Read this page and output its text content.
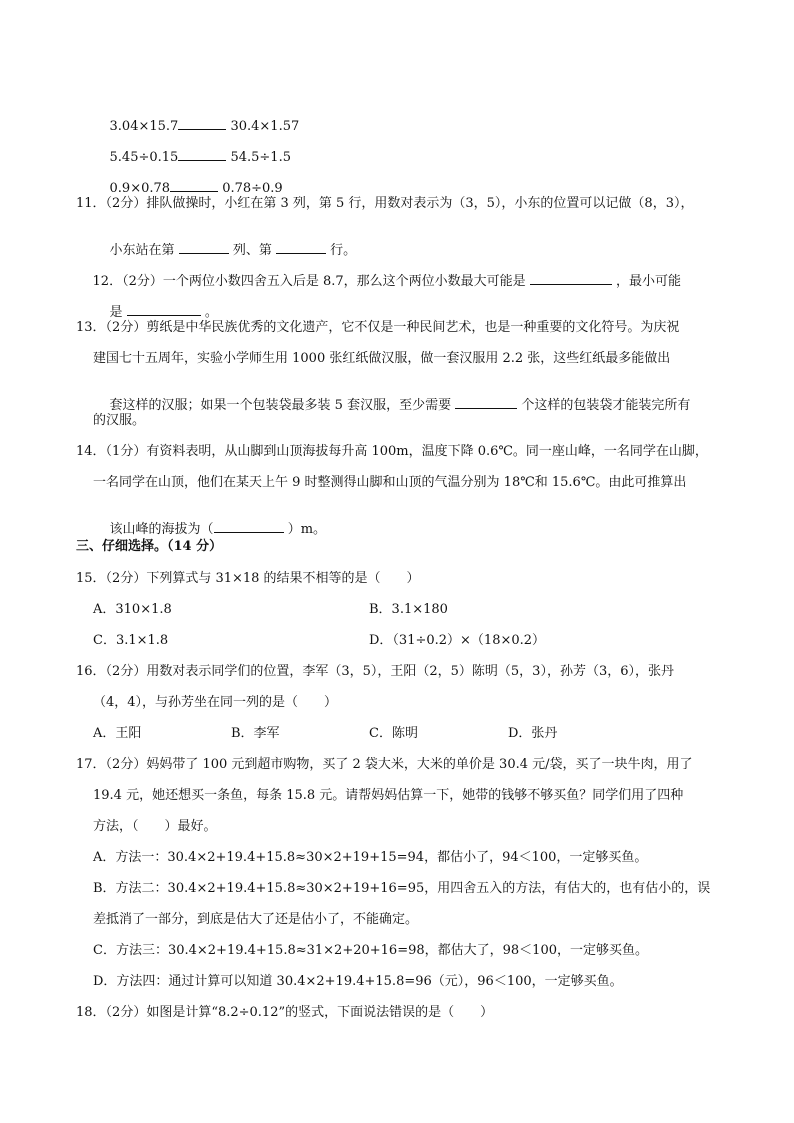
3.04×15.7	30.4×1.57

5.45÷0.15	54.5÷1.5

0.9×0.78	0.78÷0.9

11．（2分）排队做操时，小红在第 3 列，第 5 行，用数对表示为（3，5），小东的位置可以记做（8，3），

小东站在第	列、第	行。

12．（2分）一个两位小数四舍五入后是 8.7，那么这个两位小数最大可能是	，最小可能

是	。

13．（2分）剪纸是中华民族优秀的文化遗产，它不仅是一种民间艺术，也是一种重要的文化符号。为庆祝
建国七十五周年，实验小学师生用 1000 张红纸做汉服，做一套汉服用 2.2 张，这些红纸最多能做出

套这样的汉服；如果一个包装袋最多装 5 套汉服，至少需要	个这样的包装袋才能装完所有

的汉服。
14．（1分）有资料表明，从山脚到山顶海拔每升高 100m，温度下降 0.6℃。同一座山峰，一名同学在山脚，
一名同学在山顶，他们在某天上午 9 时整测得山脚和山顶的气温分别为 18℃和 15.6℃。由此可推算出

该山峰的海拔为（	）m。

三、仔细选择。（14 分）
15．（2分）下列算式与 31×18 的结果不相等的是（　　）
A．310×1.8	B．3.1×180
C．3.1×1.8	D．（31÷0.2）×（18×0.2）
16．（2分）用数对表示同学们的位置，李军（3，5），王阳（2，5）陈明（5，3），孙芳（3，6），张丹
（4，4），与孙芳坐在同一列的是（　　）
A．王阳	B．李军	C．陈明	D．张丹
17．（2分）妈妈带了 100 元到超市购物，买了 2 袋大米，大米的单价是 30.4 元/袋，买了一块牛肉，用了
19.4 元，她还想买一条鱼，每条 15.8 元。请帮妈妈估算一下，她带的钱够不够买鱼？同学们用了四种
方法，（　　）最好。
A．方法一：30.4×2+19.4+15.8≈30×2+19+15=94，都估小了，94＜100，一定够买鱼。
B．方法二：30.4×2+19.4+15.8≈30×2+19+16=95，用四舍五入的方法，有估大的，也有估小的，误
差抵消了一部分，到底是估大了还是估小了，不能确定。
C．方法三：30.4×2+19.4+15.8≈31×2+20+16=98，都估大了，98＜100，一定够买鱼。
D．方法四：通过计算可以知道 30.4×2+19.4+15.8=96（元），96＜100，一定够买鱼。
18．（2分）如图是计算“8.2÷0.12”的竖式，下面说法错误的是（　　）
